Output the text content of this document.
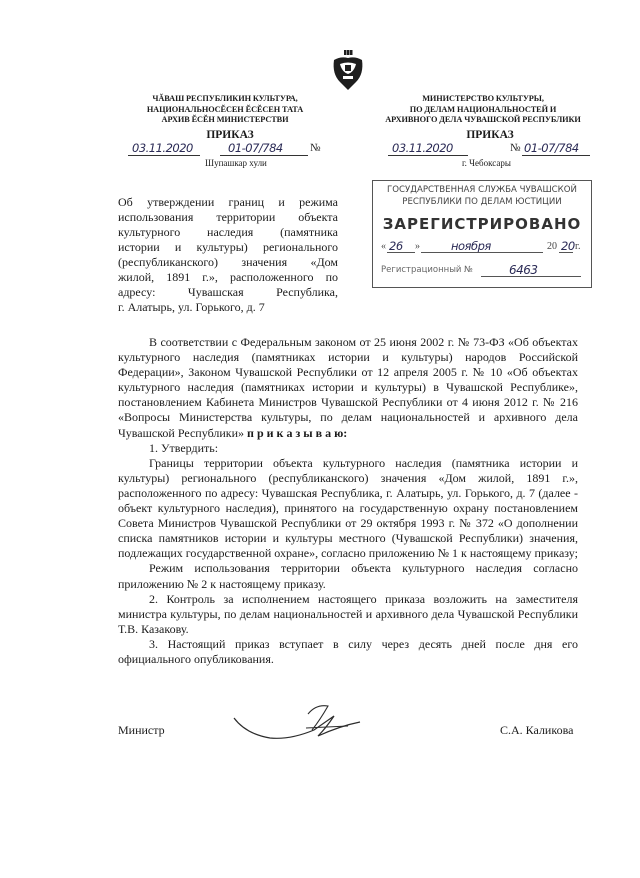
ЧĂВАШ РЕСПУБЛИКИН КУЛЬТУРА,
НАЦИОНАЛЬНОСĔСЕН ĔСĔСЕН ТАТА
АРХИВ ĔСĔН МИНИСТЕРСТВИ
МИНИСТЕРСТВО КУЛЬТУРЫ,
ПО ДЕЛАМ НАЦИОНАЛЬНОСТЕЙ И
АРХИВНОГО ДЕЛА ЧУВАШСКОЙ РЕСПУБЛИКИ
ПРИКАЗ
03.11.2020	01-07/784 №
Шупашкар хули
ПРИКАЗ
03.11.2020	№ 01-07/784
г. Чебоксары
Об утверждении границ и режима
использования территории объекта
культурного наследия (памятника
истории и культуры) регионального
(республиканского) значения «Дом
жилой, 1891 г.», расположенного по
адресу: Чувашская Республика,
г. Алатырь, ул. Горького, д. 7
ГОСУДАРСТВЕННАЯ СЛУЖБА ЧУВАШСКОЙ
РЕСПУБЛИКИ ПО ДЕЛАМ ЮСТИЦИИ
ЗАРЕГИСТРИРОВАНО
« 26 »	ноября	20 20 г.
Регистрационный №	6463

В соответствии с Федеральным законом от 25 июня 2002 г. № 73-ФЗ «Об объектах культурного наследия (памятниках истории и культуры) народов Российской Федерации», Законом Чувашской Республики от 12 апреля 2005 г. № 10 «Об объектах культурного наследия (памятниках истории и культуры) в Чувашской Республике», постановлением Кабинета Министров Чувашской Республики от 4 июня 2012 г. № 216 «Вопросы Министерства культуры, по делам национальностей и архивного дела Чувашской Республики» п р и к а з ы в а ю:

1. Утвердить:

Границы территории объекта культурного наследия (памятника истории и культуры) регионального (республиканского) значения «Дом жилой, 1891 г.», расположенного по адресу: Чувашская Республика, г. Алатырь, ул. Горького, д. 7 (далее - объект культурного наследия), принятого на государственную охрану постановлением Совета Министров Чувашской Республики от 29 октября 1993 г. № 372 «О дополнении списка памятников истории и культуры местного (Чувашской Республики) значения, подлежащих государственной охране», согласно приложению № 1 к настоящему приказу;

Режим использования территории объекта культурного наследия согласно приложению № 2 к настоящему приказу.

2. Контроль за исполнением настоящего приказа возложить на заместителя министра культуры, по делам национальностей и архивного дела Чувашской Республики Т.В. Казакову.

3. Настоящий приказ вступает в силу через десять дней после дня его официального опубликования.

Министр	С.А. Каликова
